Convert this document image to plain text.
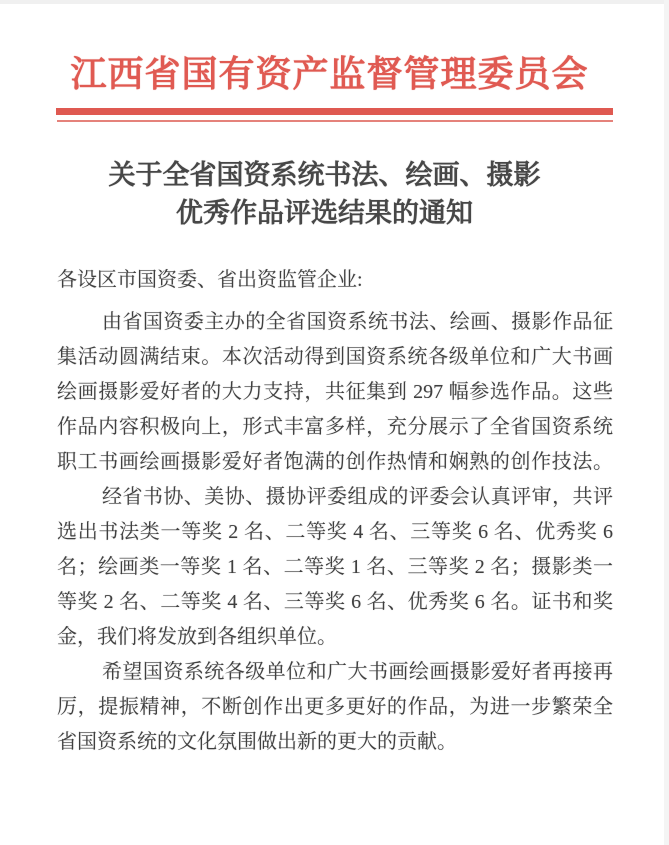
江西省国有资产监督管理委员会
关于全省国资系统书法、绘画、摄影
优秀作品评选结果的通知
各设区市国资委、省出资监管企业:
由省国资委主办的全省国资系统书法、绘画、摄影作品征
集活动圆满结束。本次活动得到国资系统各级单位和广大书画
绘画摄影爱好者的大力支持，共征集到 297 幅参选作品。这些
作品内容积极向上，形式丰富多样，充分展示了全省国资系统
职工书画绘画摄影爱好者饱满的创作热情和娴熟的创作技法。
经省书协、美协、摄协评委组成的评委会认真评审，共评
选出书法类一等奖 2 名、二等奖 4 名、三等奖 6 名、优秀奖 6
名；绘画类一等奖 1 名、二等奖 1 名、三等奖 2 名；摄影类一
等奖 2 名、二等奖 4 名、三等奖 6 名、优秀奖 6 名。证书和奖
金，我们将发放到各组织单位。
希望国资系统各级单位和广大书画绘画摄影爱好者再接再
厉，提振精神，不断创作出更多更好的作品，为进一步繁荣全
省国资系统的文化氛围做出新的更大的贡献。
